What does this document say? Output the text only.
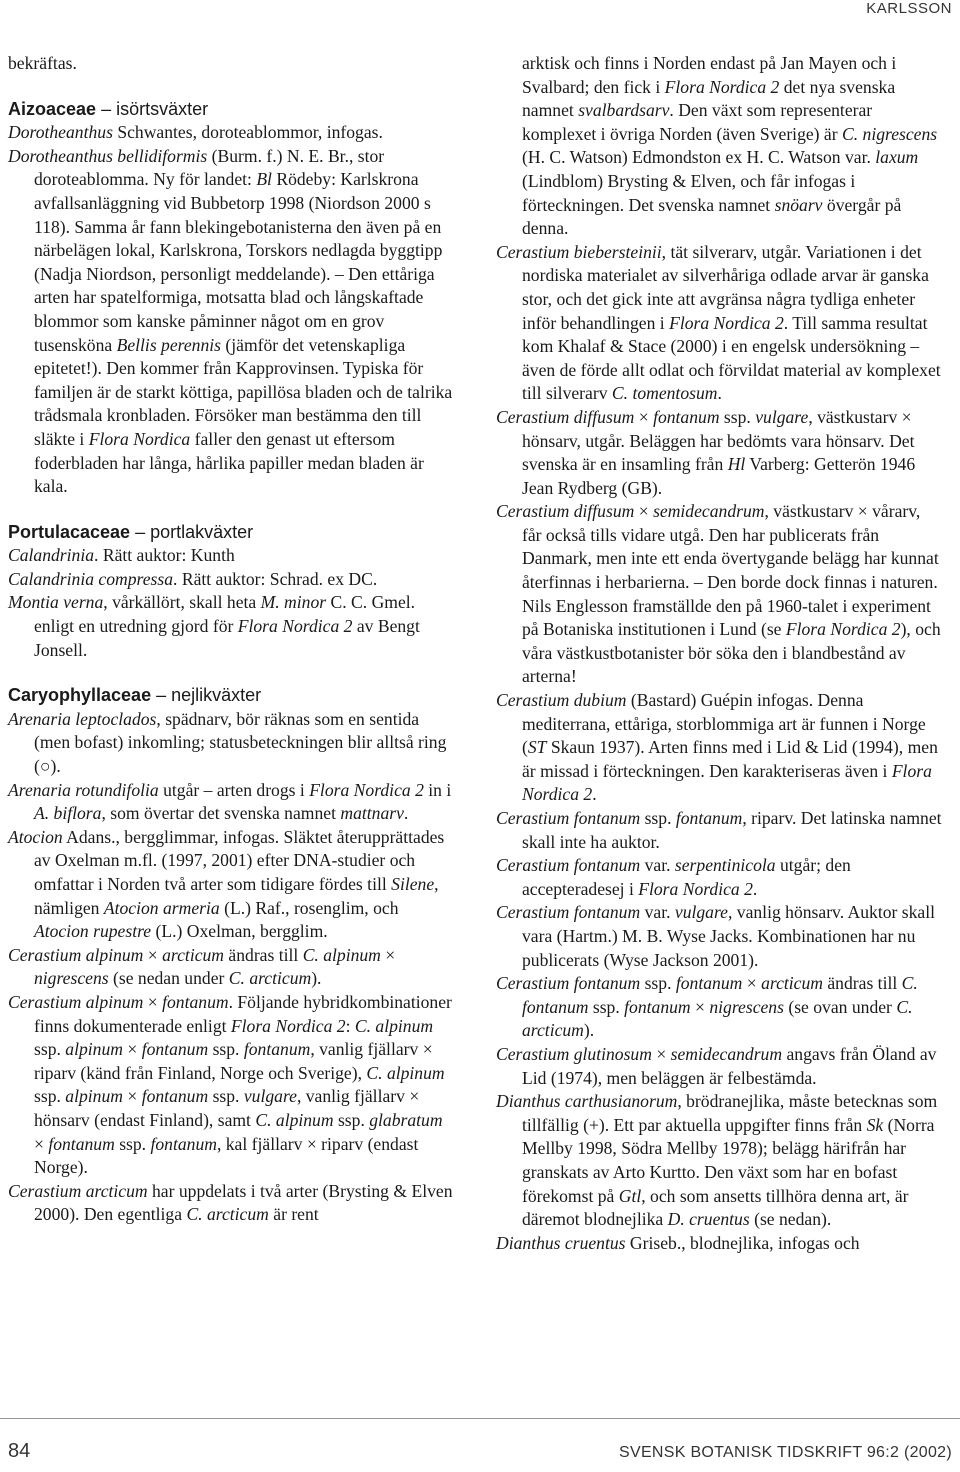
KARLSSON

bekräftas.

Aizoaceae – isörtsväxter

Dorotheanthus Schwantes, doroteablommor, infogas.

Dorotheanthus bellidiformis (Burm. f.) N. E. Br., stor doroteablomma. Ny för landet: Bl Rödeby: Karlskrona avfallsanläggning vid Bubbetorp 1998 (Niordson 2000 s 118). Samma år fann blekingebotanisterna den även på en närbelägen lokal, Karlskrona, Torskors nedlagda byggtipp (Nadja Niordson, personligt meddelande). – Den ettåriga arten har spatelformiga, motsatta blad och långskaftade blommor som kanske påminner något om en grov tusensköna Bellis perennis (jämför det vetenskapliga epitetet!). Den kommer från Kapprovinsen. Typiska för familjen är de starkt köttiga, papillösa bladen och de talrika trådsmala kronbladen. Försöker man bestämma den till släkte i Flora Nordica faller den genast ut eftersom foderbladen har långa, hårlika papiller medan bladen är kala.

Portulacaceae – portlakväxter

Calandrinia. Rätt auktor: Kunth

Calandrinia compressa. Rätt auktor: Schrad. ex DC.

Montia verna, vårkällört, skall heta M. minor C. C. Gmel. enligt en utredning gjord för Flora Nordica 2 av Bengt Jonsell.

Caryophyllaceae – nejlikväxter

Arenaria leptoclados, spädnarv, bör räknas som en sentida (men bofast) inkomling; statusbeteckningen blir alltså ring (○).

Arenaria rotundifolia utgår – arten drogs i Flora Nordica 2 in i A. biflora, som övertar det svenska namnet mattnarv.

Atocion Adans., bergglimmar, infogas. Släktet återupprättades av Oxelman m.fl. (1997, 2001) efter DNA-studier och omfattar i Norden två arter som tidigare fördes till Silene, nämligen Atocion armeria (L.) Raf., rosenglim, och Atocion rupestre (L.) Oxelman, bergglim.

Cerastium alpinum × arcticum ändras till C. alpinum × nigrescens (se nedan under C. arcticum).

Cerastium alpinum × fontanum. Följande hybridkombinationer finns dokumenterade enligt Flora Nordica 2: C. alpinum ssp. alpinum × fontanum ssp. fontanum, vanlig fjällarv × riparv (känd från Finland, Norge och Sverige), C. alpinum ssp. alpinum × fontanum ssp. vulgare, vanlig fjällarv × hönsarv (endast Finland), samt C. alpinum ssp. glabratum × fontanum ssp. fontanum, kal fjällarv × riparv (endast Norge).

Cerastium arcticum har uppdelats i två arter (Brysting & Elven 2000). Den egentliga C. arcticum är rent

arktisk och finns i Norden endast på Jan Mayen och i Svalbard; den fick i Flora Nordica 2 det nya svenska namnet svalbardsarv. Den växt som representerar komplexet i övriga Norden (även Sverige) är C. nigrescens (H. C. Watson) Edmondston ex H. C. Watson var. laxum (Lindblom) Brysting & Elven, och får infogas i förteckningen. Det svenska namnet snöarv övergår på denna.

Cerastium biebersteinii, tät silverarv, utgår. Variationen i det nordiska materialet av silverhåriga odlade arvar är ganska stor, och det gick inte att avgränsa några tydliga enheter inför behandlingen i Flora Nordica 2. Till samma resultat kom Khalaf & Stace (2000) i en engelsk undersökning – även de förde allt odlat och förvildat material av komplexet till silverarv C. tomentosum.

Cerastium diffusum × fontanum ssp. vulgare, västkustarv × hönsarv, utgår. Beläggen har bedömts vara hönsarv. Det svenska är en insamling från Hl Varberg: Getterön 1946 Jean Rydberg (GB).

Cerastium diffusum × semidecandrum, västkustarv × vårarv, får också tills vidare utgå. Den har publicerats från Danmark, men inte ett enda övertygande belägg har kunnat återfinnas i herbarierna. – Den borde dock finnas i naturen. Nils Englesson framställde den på 1960-talet i experiment på Botaniska institutionen i Lund (se Flora Nordica 2), och våra västkustbotanister bör söka den i blandbestånd av arterna!

Cerastium dubium (Bastard) Guépin infogas. Denna mediterrana, ettåriga, storblommiga art är funnen i Norge (ST Skaun 1937). Arten finns med i Lid & Lid (1994), men är missad i förteckningen. Den karakteriseras även i Flora Nordica 2.

Cerastium fontanum ssp. fontanum, riparv. Det latinska namnet skall inte ha auktor.

Cerastium fontanum var. serpentinicola utgår; den accepteradesej i Flora Nordica 2.

Cerastium fontanum var. vulgare, vanlig hönsarv. Auktor skall vara (Hartm.) M. B. Wyse Jacks. Kombinationen har nu publicerats (Wyse Jackson 2001).

Cerastium fontanum ssp. fontanum × arcticum ändras till C. fontanum ssp. fontanum × nigrescens (se ovan under C. arcticum).

Cerastium glutinosum × semidecandrum angavs från Öland av Lid (1974), men beläggen är felbestämda.

Dianthus carthusianorum, brödranejlika, måste betecknas som tillfällig (+). Ett par aktuella uppgifter finns från Sk (Norra Mellby 1998, Södra Mellby 1978); belägg härifrån har granskats av Arto Kurtto. Den växt som har en bofast förekomst på Gtl, och som ansetts tillhöra denna art, är däremot blodnejlika D. cruentus (se nedan).

Dianthus cruentus Griseb., blodnejlika, infogas och

84	SVENSK BOTANISK TIDSKRIFT 96:2 (2002)
